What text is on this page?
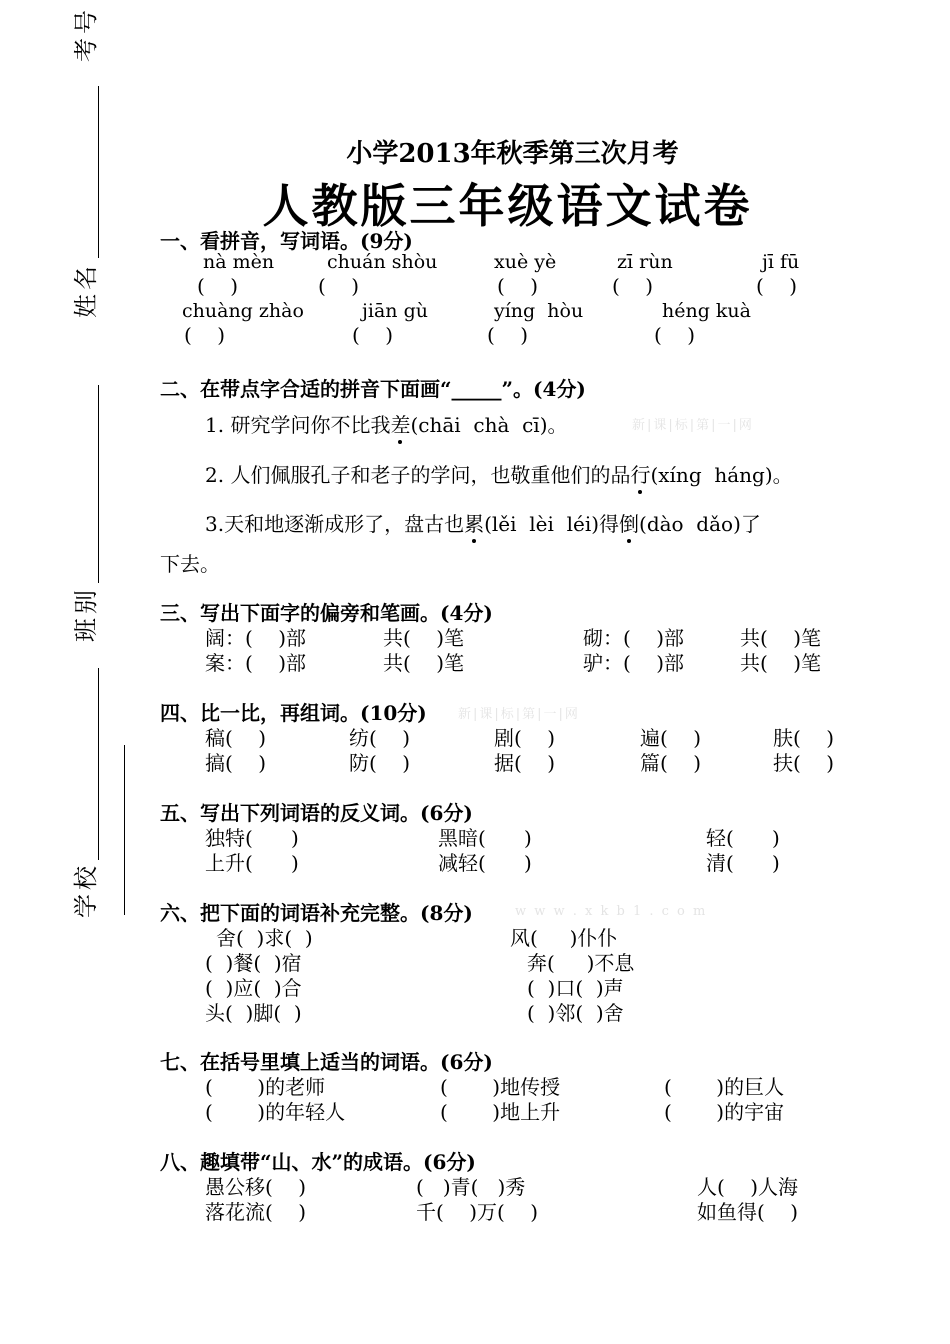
考号
姓名
班别
学校
小学2013年秋季第三次月考
人教版三年级语文试卷
一、看拼音，写词语。(9分)
nà mèn	chuán shòu	xuè yè	zī rùn	jī fū
(    )	(    )	(    )	(    )	(    )
chuàng zhào	jiān gù	yíng  hòu	héng kuà
(    )	(    )	(    )	(    )
二、在带点字合适的拼音下面画“_____”。(4分)
1. 研究学问你不比我差(chāi  chà  cī)。	新|课|标|第|一|网
2. 人们佩服孔子和老子的学问，也敬重他们的品行(xíng  háng)。
3.天和地逐渐成形了，盘古也累(lěi  lèi  léi)得倒(dào  dǎo)了
下去。
三、写出下面字的偏旁和笔画。(4分)
阔：(    )部	共(    )笔	砌：(    )部	共(    )笔
案：(    )部	共(    )笔	驴：(    )部	共(    )笔
四、比一比，再组词。(10分) 新|课|标|第|一|网
稿(    )	纺(    )	剧(    )	遍(    )	肤(    )
搞(    )	防(    )	据(    )	篇(    )	扶(    )
五、写出下列词语的反义词。(6分)
独特(      )	黑暗(      )	轻(      )
上升(      )	减轻(      )	清(      )
六、把下面的词语补充完整。(8分)	w w w . x k b 1 . c o m
舍(  )求(  )	风(     )仆仆
(  )餐(  )宿	奔(     )不息
(  )应(  )合	(  )口(  )声
头(  )脚(  )	(  )邻(  )舍
七、在括号里填上适当的词语。(6分)
(       )的老师	(       )地传授	(       )的巨人
(       )的年轻人	(       )地上升	(       )的宇宙
八、趣填带“山、水”的成语。(6分)
愚公移(    )	(   )青(   )秀	人(    )人海
落花流(    )	千(    )万(    )	如鱼得(    )
